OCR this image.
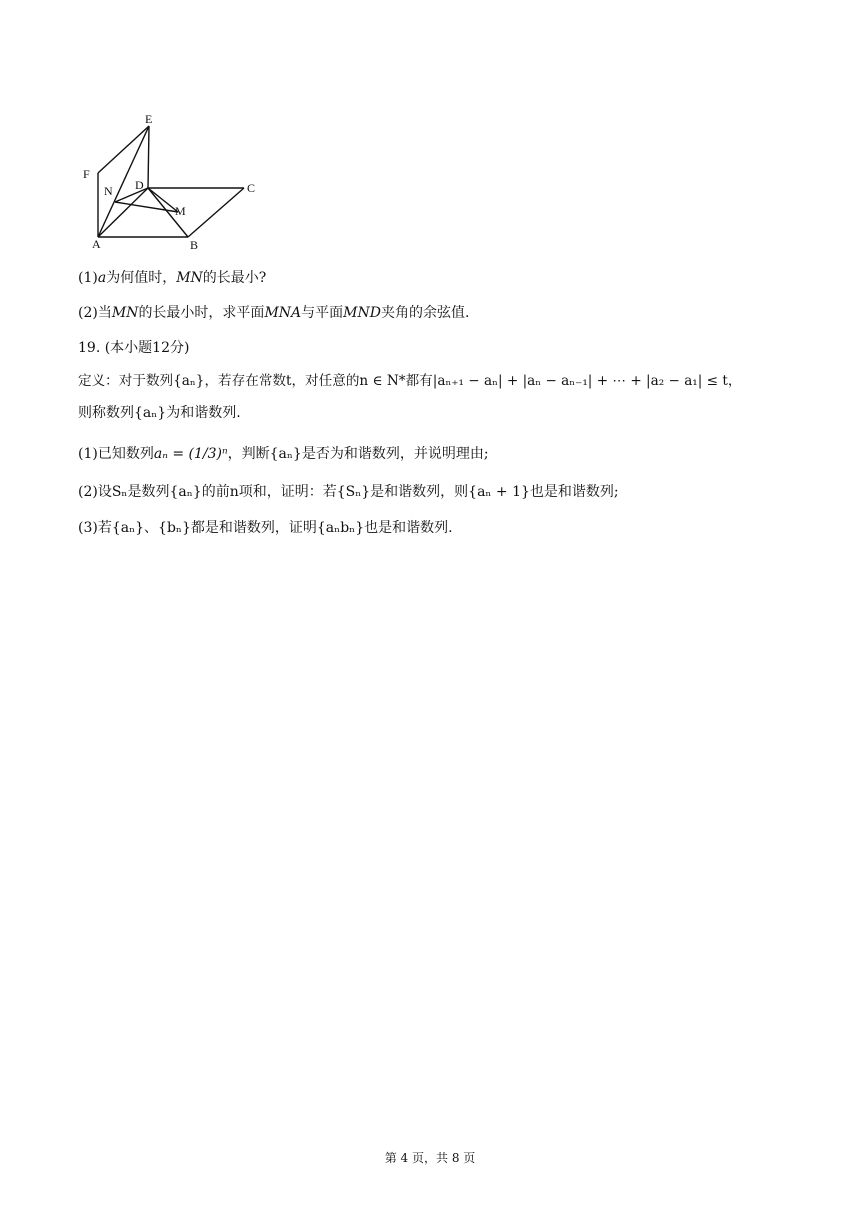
E
F
N D	C
M
A	B
(1)a为何值时，MN的长最小?
(2)当MN的长最小时，求平面MNA与平面MND夹角的余弦值.
19. (本小题12分)
定义：对于数列{aₙ}，若存在常数t，对任意的n ∈ N*都有|aₙ₊₁ − aₙ| + |aₙ − aₙ₋₁| + ⋯ + |a₂ − a₁| ≤ t，
则称数列{aₙ}为和谐数列.
(1)已知数列aₙ = (1/3)ⁿ，判断{aₙ}是否为和谐数列，并说明理由;
(2)设Sₙ是数列{aₙ}的前n项和，证明：若{Sₙ}是和谐数列，则{aₙ + 1}也是和谐数列;
(3)若{aₙ}、{bₙ}都是和谐数列，证明{aₙbₙ}也是和谐数列.
第 4 页，共 8 页
